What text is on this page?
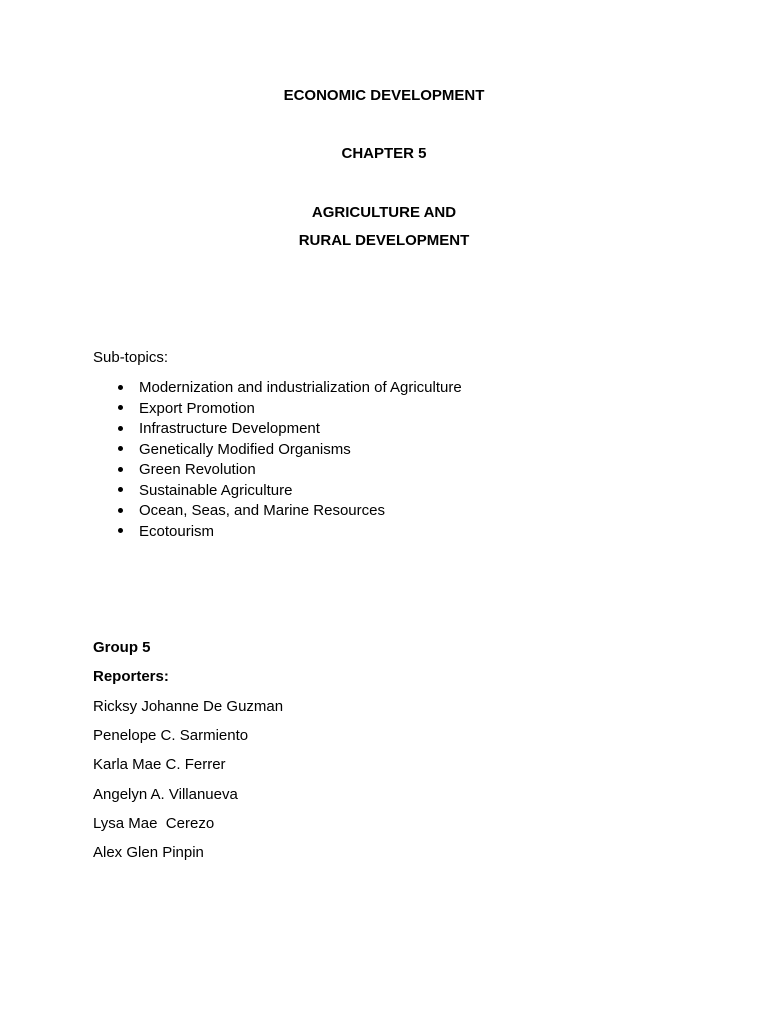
ECONOMIC DEVELOPMENT
CHAPTER 5
AGRICULTURE AND
RURAL DEVELOPMENT
Sub-topics:
Modernization and industrialization of Agriculture
Export Promotion
Infrastructure Development
Genetically Modified Organisms
Green Revolution
Sustainable Agriculture
Ocean, Seas, and Marine Resources
Ecotourism
Group 5
Reporters:
Ricksy Johanne De Guzman
Penelope C. Sarmiento
Karla Mae C. Ferrer
Angelyn A. Villanueva
Lysa Mae  Cerezo
Alex Glen Pinpin
